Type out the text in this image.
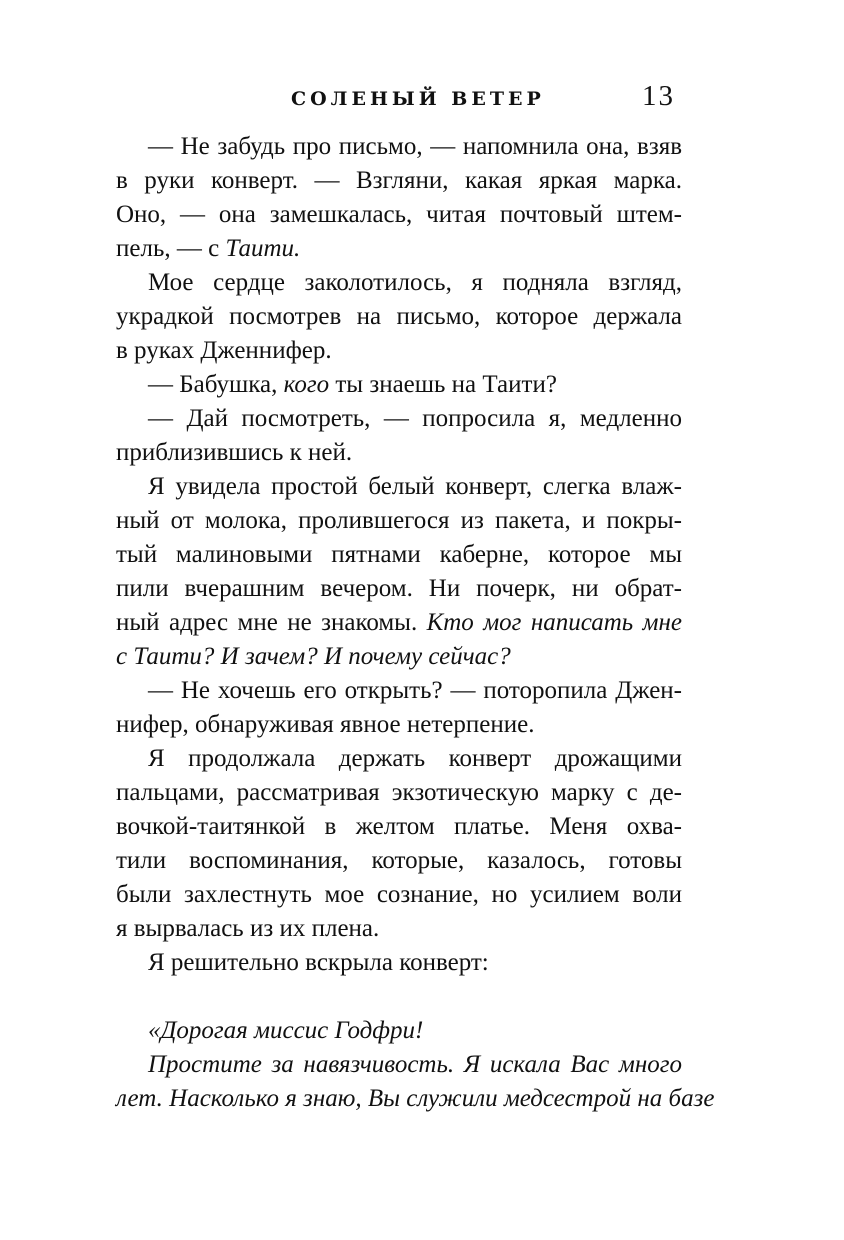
СОЛЕНЫЙ ВЕТЕР	13
— Не забудь про письмо, — напомнила она, взяв
в руки конверт. — Взгляни, какая яркая марка.
Оно, — она замешкалась, читая почтовый штем-
пель, — с Таити.
Мое сердце заколотилось, я подняла взгляд,
украдкой посмотрев на письмо, которое держала
в руках Дженнифер.
— Бабушка, кого ты знаешь на Таити?
— Дай посмотреть, — попросила я, медленно
приблизившись к ней.
Я увидела простой белый конверт, слегка влаж-
ный от молока, пролившегося из пакета, и покры-
тый малиновыми пятнами каберне, которое мы
пили вчерашним вечером. Ни почерк, ни обрат-
ный адрес мне не знакомы. Кто мог написать мне
с Таити? И зачем? И почему сейчас?
— Не хочешь его открыть? — поторопила Джен-
нифер, обнаруживая явное нетерпение.
Я продолжала держать конверт дрожащими
пальцами, рассматривая экзотическую марку с де-
вочкой-таитянкой в желтом платье. Меня охва-
тили воспоминания, которые, казалось, готовы
были захлестнуть мое сознание, но усилием воли
я вырвалась из их плена.
Я решительно вскрыла конверт:
«Дорогая миссис Годфри!
Простите за навязчивость. Я искала Вас много
лет. Насколько я знаю, Вы служили медсестрой на базе
